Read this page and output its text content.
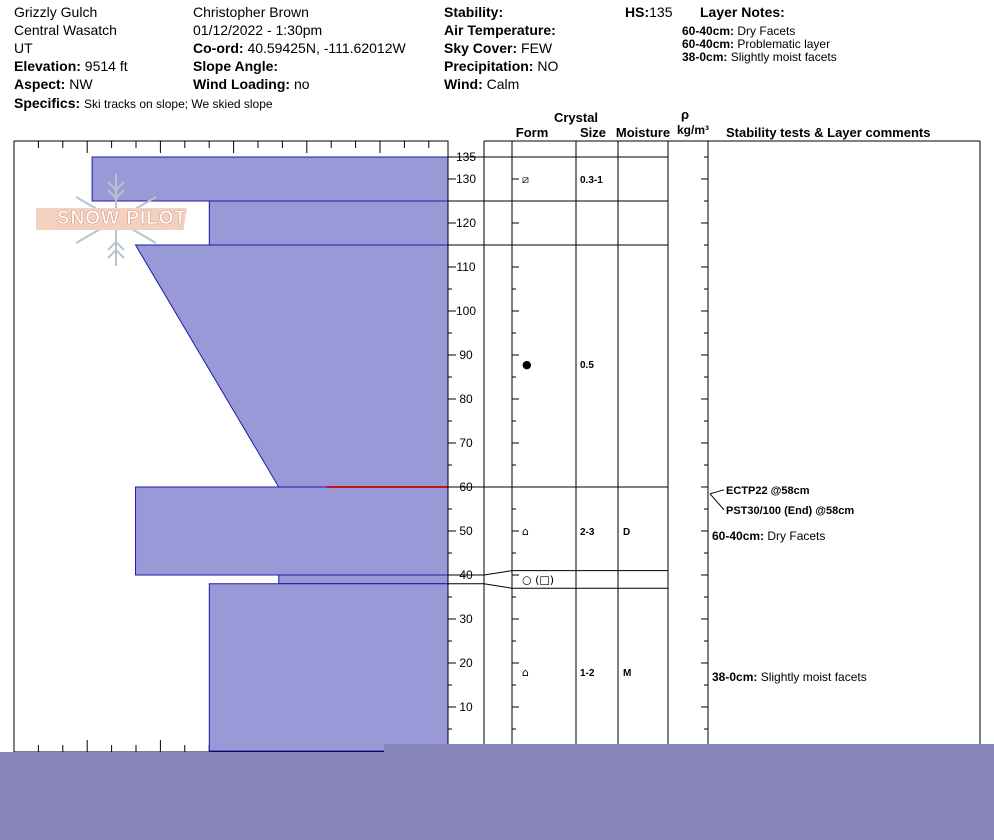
Grizzly Gulch
Central Wasatch
UT
Elevation: 9514 ft
Aspect: NW
Specifics: Ski tracks on slope; We skied slope
Christopher Brown
01/12/2022 - 1:30pm
Co-ord: 40.59425N, -111.62012W
Slope Angle:
Wind Loading: no
Stability:
Air Temperature:
Sky Cover: FEW
Precipitation: NO
Wind: Calm
HS:135 Layer Notes:
60-40cm: Dry Facets
60-40cm: Problematic layer
38-0cm: Slightly moist facets
Crystal
Form	Size Moisture
ρ
kg/m³	Stability tests & Layer comments
10
20
30
40
50
60
70
80
90
100
110
120
130
135
⧄	0.3-1
●	0.5
⌂	2-3	D
○ (□)
⌂	1-2	M
ECTP22 @58cm
PST30/100 (End) @58cm
60-40cm: Dry Facets
38-0cm: Slightly moist facets
SNOW PILOT
